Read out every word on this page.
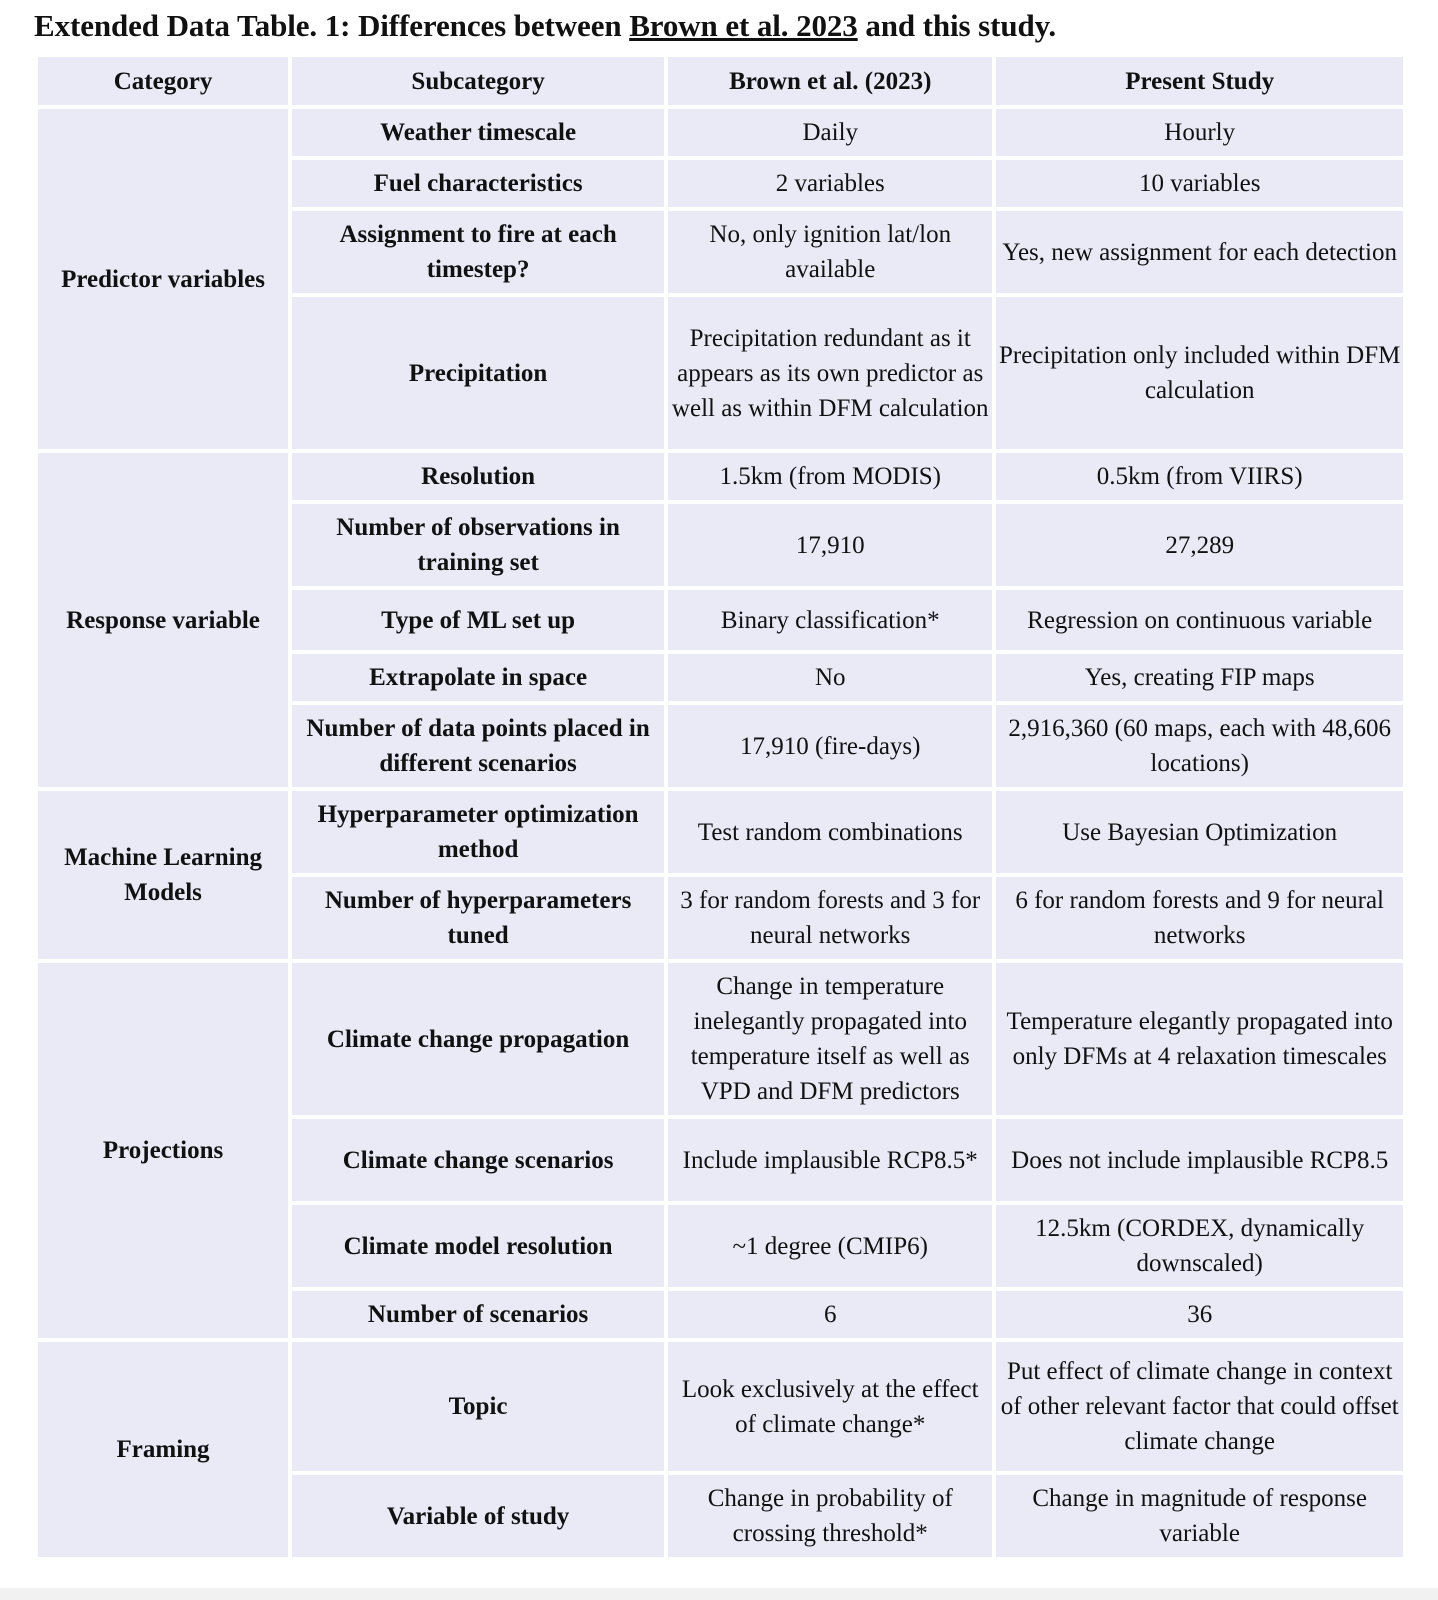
Extended Data Table. 1: Differences between Brown et al. 2023 and this study.
Category	Subcategory	Brown et al. (2023)	Present Study
Predictor variables	Weather timescale	Daily	Hourly
	Fuel characteristics	2 variables	10 variables
	Assignment to fire at each timestep?	No, only ignition lat/lon available	Yes, new assignment for each detection
	Precipitation	Precipitation redundant as it appears as its own predictor as well as within DFM calculation	Precipitation only included within DFM calculation
Response variable	Resolution	1.5km (from MODIS)	0.5km (from VIIRS)
	Number of observations in training set	17,910	27,289
	Type of ML set up	Binary classification*	Regression on continuous variable
	Extrapolate in space	No	Yes, creating FIP maps
	Number of data points placed in different scenarios	17,910 (fire-days)	2,916,360 (60 maps, each with 48,606 locations)
Machine Learning Models	Hyperparameter optimization method	Test random combinations	Use Bayesian Optimization
	Number of hyperparameters tuned	3 for random forests and 3 for neural networks	6 for random forests and 9 for neural networks
Projections	Climate change propagation	Change in temperature inelegantly propagated into temperature itself as well as VPD and DFM predictors	Temperature elegantly propagated into only DFMs at 4 relaxation timescales
	Climate change scenarios	Include implausible RCP8.5*	Does not include implausible RCP8.5
	Climate model resolution	~1 degree (CMIP6)	12.5km (CORDEX, dynamically downscaled)
	Number of scenarios	6	36
Framing	Topic	Look exclusively at the effect of climate change*	Put effect of climate change in context of other relevant factor that could offset climate change
	Variable of study	Change in probability of crossing threshold*	Change in magnitude of response variable
